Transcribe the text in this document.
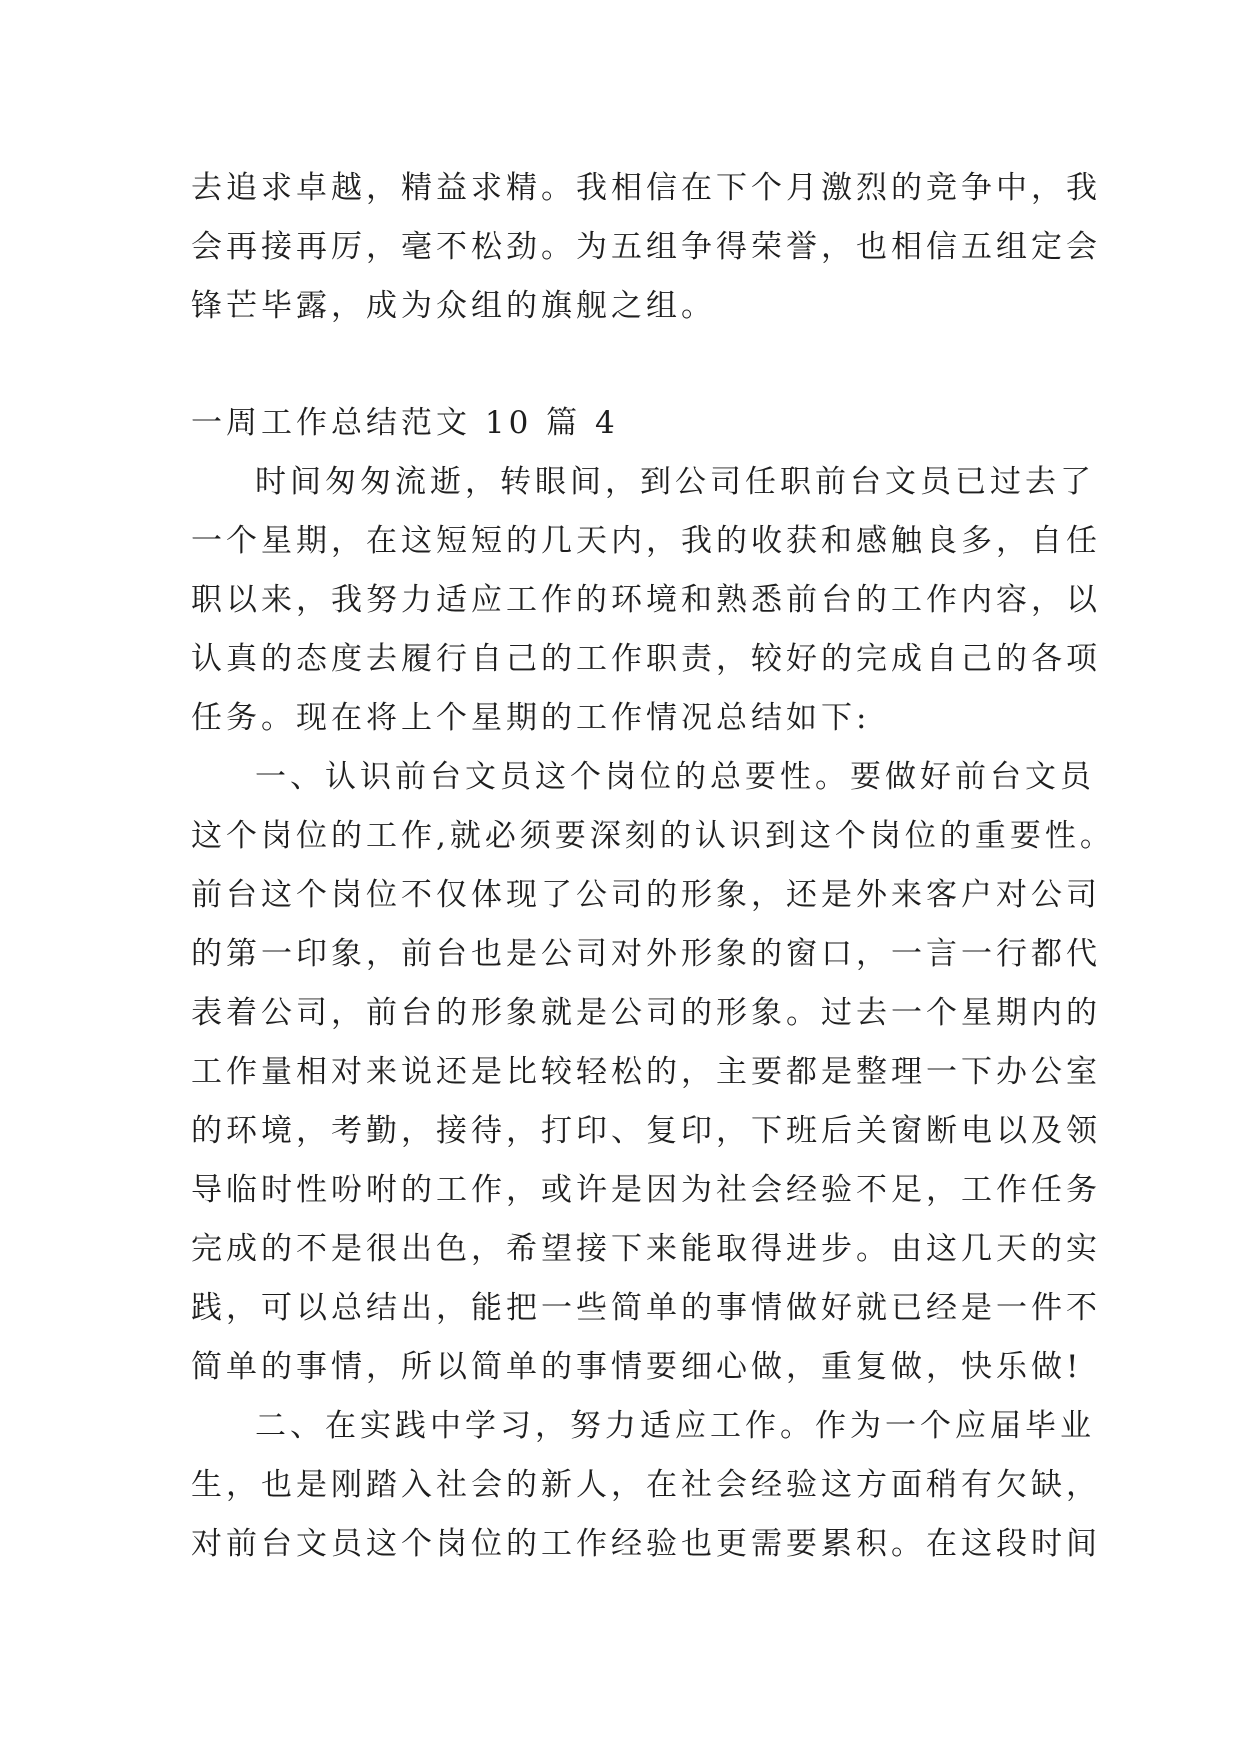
去追求卓越，精益求精。我相信在下个月激烈的竞争中，我
会再接再厉，毫不松劲。为五组争得荣誉，也相信五组定会
锋芒毕露，成为众组的旗舰之组。
一周工作总结范文 10 篇 4
时间匆匆流逝，转眼间，到公司任职前台文员已过去了
一个星期，在这短短的几天内，我的收获和感触良多，自任
职以来，我努力适应工作的环境和熟悉前台的工作内容，以
认真的态度去履行自己的工作职责，较好的完成自己的各项
任务。现在将上个星期的工作情况总结如下:
一、认识前台文员这个岗位的总要性。要做好前台文员
这个岗位的工作,就必须要深刻的认识到这个岗位的重要性。
前台这个岗位不仅体现了公司的形象，还是外来客户对公司
的第一印象，前台也是公司对外形象的窗口，一言一行都代
表着公司，前台的形象就是公司的形象。过去一个星期内的
工作量相对来说还是比较轻松的，主要都是整理一下办公室
的环境，考勤，接待，打印、复印，下班后关窗断电以及领
导临时性吩咐的工作，或许是因为社会经验不足，工作任务
完成的不是很出色，希望接下来能取得进步。由这几天的实
践，可以总结出，能把一些简单的事情做好就已经是一件不
简单的事情，所以简单的事情要细心做，重复做，快乐做!
二、在实践中学习，努力适应工作。作为一个应届毕业
生，也是刚踏入社会的新人，在社会经验这方面稍有欠缺，
对前台文员这个岗位的工作经验也更需要累积。在这段时间
